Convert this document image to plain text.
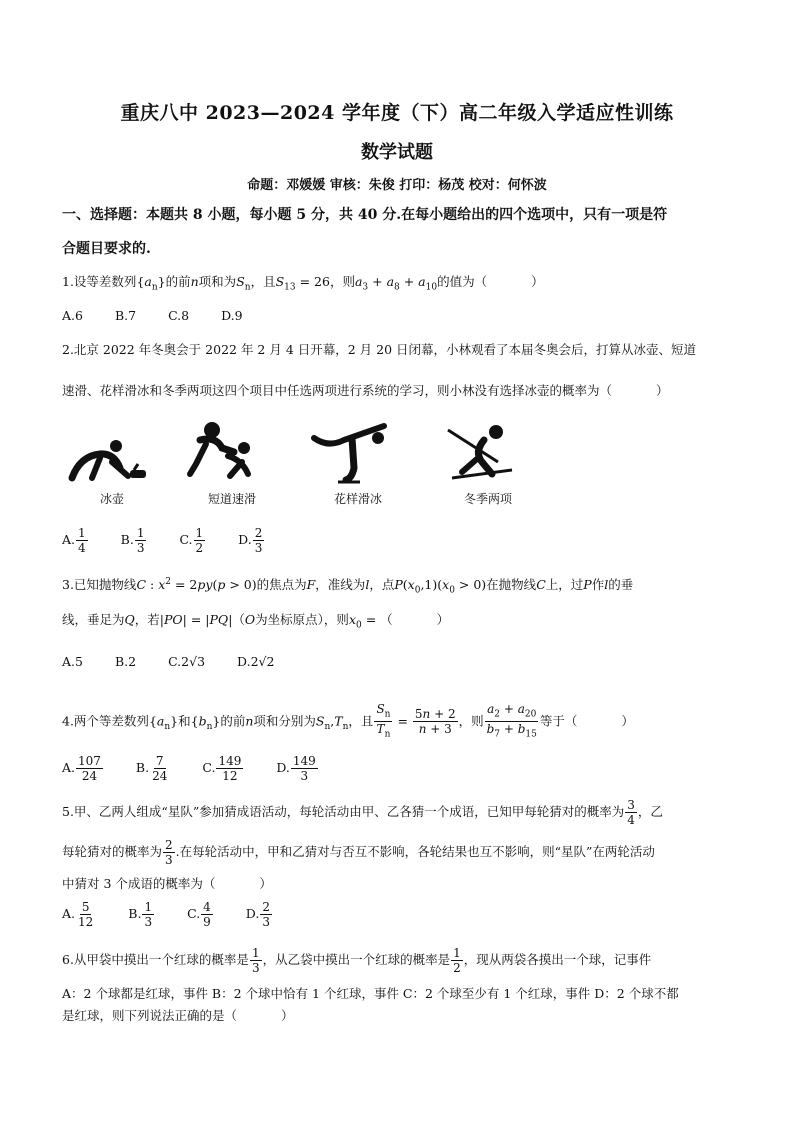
重庆八中 2023—2024 学年度（下）高二年级入学适应性训练
数学试题
命题：邓媛媛 审核：朱俊 打印：杨茂 校对：何怀波
一、选择题：本题共 8 小题，每小题 5 分，共 40 分.在每小题给出的四个选项中，只有一项是符
合题目要求的.
1.设等差数列$\{a_n\}$的前n项和为$S_n$，且$S_{13} = 26$，则$a_3 + a_8 + a_{10}$的值为（	）
A.6	B.7	C.8	D.9
2.北京 2022 年冬奥会于 2022 年 2 月 4 日开幕，2 月 20 日闭幕，小林观看了本届冬奥会后，打算从冰壶、短道
速滑、花样滑冰和冬季两项这四个项目中任选两项进行系统的学习，则小林没有选择冰壶的概率为（	）
冰壶	短道速滑	花样滑冰	冬季两项
A. $\frac{1}{4}$	B. $\frac{1}{3}$	C. $\frac{1}{2}$	D. $\frac{2}{3}$
3.已知抛物线C : $x^2 = 2py(p > 0)$的焦点为F，准线为l，点$P(x_0,1)(x_0 > 0)$在抛物线C上，过P作l的垂
线，垂足为Q，若|PO| = |PQ|（O为坐标原点），则$x_0$ = （	）
A.5	B.2	C.2√3	D.2√2
4.两个等差数列$\{a_n\}$和$\{b_n\}$的前n项和分别为$S_n,T_n$，且 $\frac{S_n}{T_n} = \frac{5n + 2}{n + 3}$ ，则 $\frac{a_2 + a_{20}}{b_7 + b_{15}}$ 等于（	）
A. $\frac{107}{24}$	B. $\frac{7}{24}$	C. $\frac{149}{12}$	D. $\frac{149}{3}$
5.甲、乙两人组成“星队”参加猜成语活动，每轮活动由甲、乙各猜一个成语，已知甲每轮猜对的概率为 $\frac{3}{4}$ ，乙
每轮猜对的概率为 $\frac{2}{3}$ .在每轮活动中，甲和乙猜对与否互不影响，各轮结果也互不影响，则“星队”在两轮活动
中猜对 3 个成语的概率为（	）
A. $\frac{5}{12}$	B. $\frac{1}{3}$	C. $\frac{4}{9}$	D. $\frac{2}{3}$
6.从甲袋中摸出一个红球的概率是 $\frac{1}{3}$ ，从乙袋中摸出一个红球的概率是 $\frac{1}{2}$ ，现从两袋各摸出一个球，记事件
A：2 个球都是红球，事件 B：2 个球中恰有 1 个红球，事件 C：2 个球至少有 1 个红球，事件 D：2 个球不都
是红球，则下列说法正确的是（	）
